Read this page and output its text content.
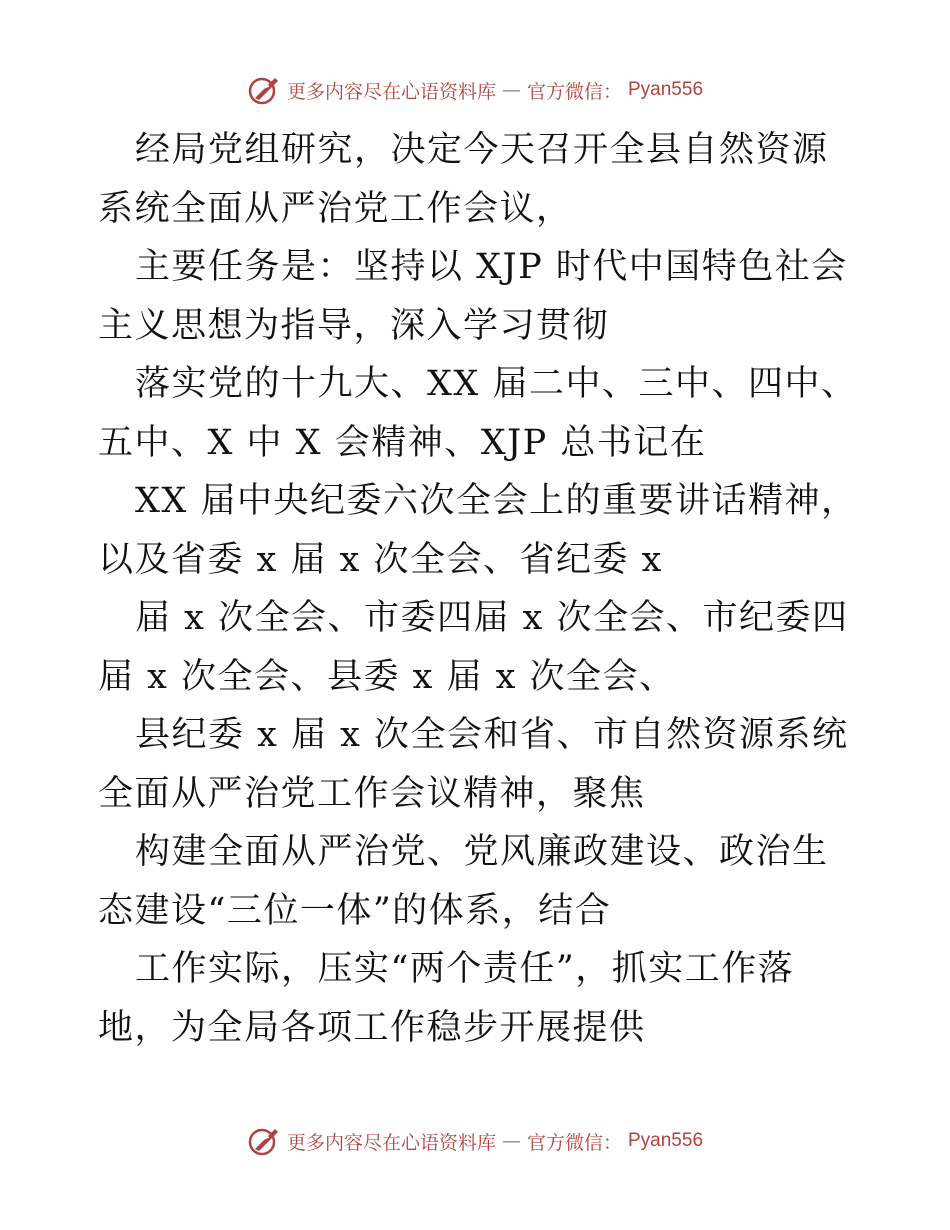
更多内容尽在心语资料库 — 官方微信： Pyan556

经局党组研究，决定今天召开全县自然资源系统全面从严治党工作会议，

主要任务是：坚持以 XJP 时代中国特色社会主义思想为指导，深入学习贯彻

落实党的十九大、XX 届二中、三中、四中、五中、X 中 X 会精神、XJP 总书记在

XX 届中央纪委六次全会上的重要讲话精神，以及省委 x 届 x 次全会、省纪委 x

届 x 次全会、市委四届 x 次全会、市纪委四届 x 次全会、县委 x 届 x 次全会、

县纪委 x 届 x 次全会和省、市自然资源系统全面从严治党工作会议精神，聚焦

构建全面从严治党、党风廉政建设、政治生态建设“三位一体”的体系，结合

工作实际，压实“两个责任”，抓实工作落地，为全局各项工作稳步开展提供

更多内容尽在心语资料库 — 官方微信： Pyan556
